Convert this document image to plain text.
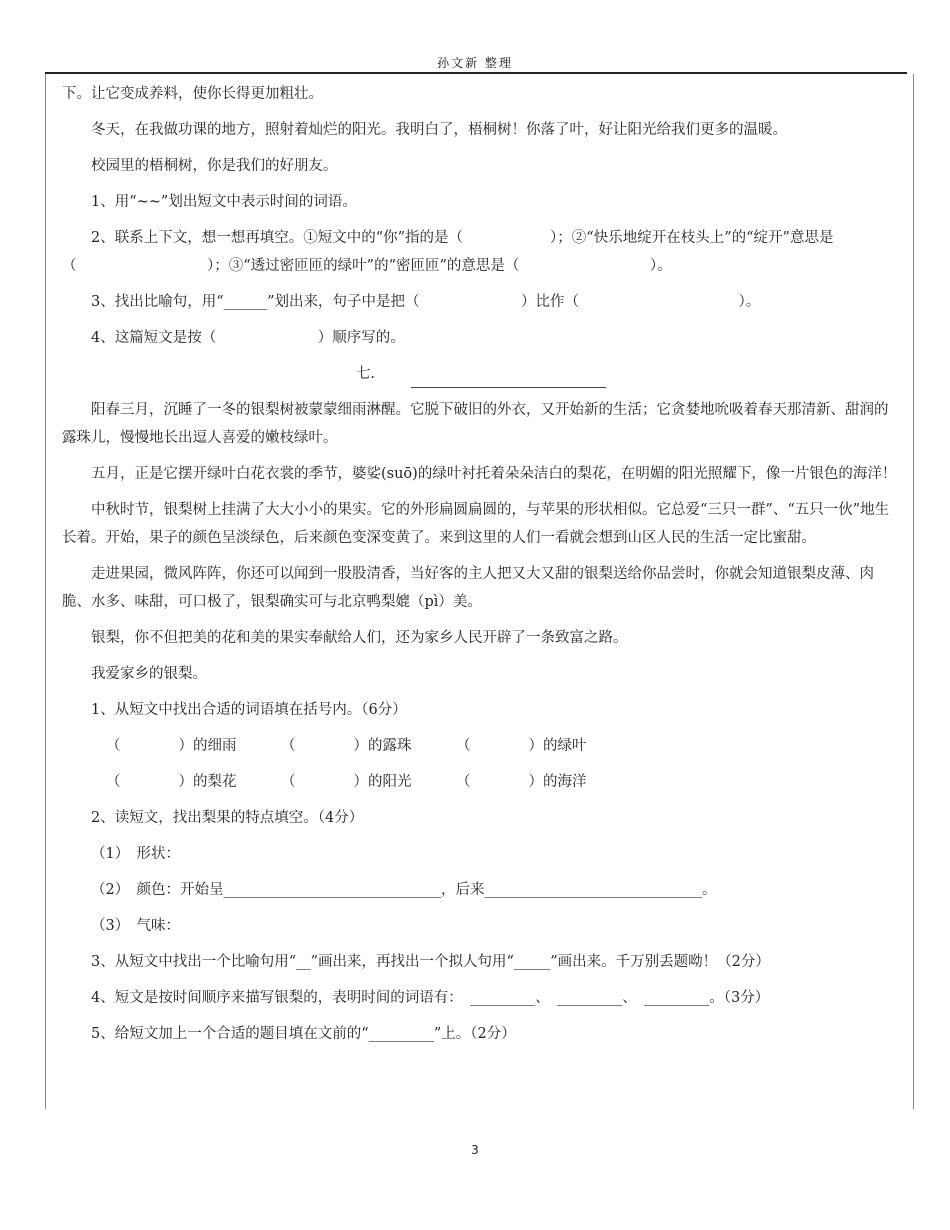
孙文新 整理

下。让它变成养料，使你长得更加粗壮。

冬天，在我做功课的地方，照射着灿烂的阳光。我明白了，梧桐树！你落了叶，好让阳光给我们更多的温暖。

校园里的梧桐树，你是我们的好朋友。

1、用“~~”划出短文中表示时间的词语。

2、联系上下文，想一想再填空。①短文中的“你”指的是（　　　　　　）；②“快乐地绽开在枝头上”的“绽开”意思是（　　　　　　　　　）；③“透过密匝匝的绿叶”的“密匝匝”的意思是（　　　　　　　　　）。

3、找出比喻句，用“______”划出来，句子中是把（　　　　　　　）比作（　　　　　　　　　　　）。

4、这篇短文是按（　　　　　　　）顺序写的。

七.

阳春三月，沉睡了一冬的银梨树被蒙蒙细雨淋醒。它脱下破旧的外衣，又开始新的生活；它贪婪地吮吸着春天那清新、甜润的露珠儿，慢慢地长出逗人喜爱的嫩枝绿叶。

五月，正是它摆开绿叶白花衣裳的季节，婆娑(suō)的绿叶衬托着朵朵洁白的梨花，在明媚的阳光照耀下，像一片银色的海洋！

中秋时节，银梨树上挂满了大大小小的果实。它的外形扁圆扁圆的，与苹果的形状相似。它总爱“三只一群”、“五只一伙”地生长着。开始，果子的颜色呈淡绿色，后来颜色变深变黄了。来到这里的人们一看就会想到山区人民的生活一定比蜜甜。

走进果园，微风阵阵，你还可以闻到一股股清香，当好客的主人把又大又甜的银梨送给你品尝时，你就会知道银梨皮薄、肉脆、水多、味甜，可口极了，银梨确实可与北京鸭梨媲（pì）美。

银梨，你不但把美的花和美的果实奉献给人们，还为家乡人民开辟了一条致富之路。

我爱家乡的银梨。

1、从短文中找出合适的词语填在括号内。（6分）

（　　　　）的细雨	（　　　　）的露珠	（　　　　）的绿叶
（　　　　）的梨花	（　　　　）的阳光	（　　　　）的海洋

2、读短文，找出梨果的特点填空。（4分）

（1）　形状：

（2）　颜色：开始呈______________________________，后来______________________________。

（3）　气味：

3、从短文中找出一个比喻句用“__”画出来，再找出一个拟人句用“_____”画出来。千万别丢题呦！（2分）

4、短文是按时间顺序来描写银梨的，表明时间的词语有：　_________、　_________、　_________。（3分）

5、给短文加上一个合适的题目填在文前的“_________”上。（2分）

3
